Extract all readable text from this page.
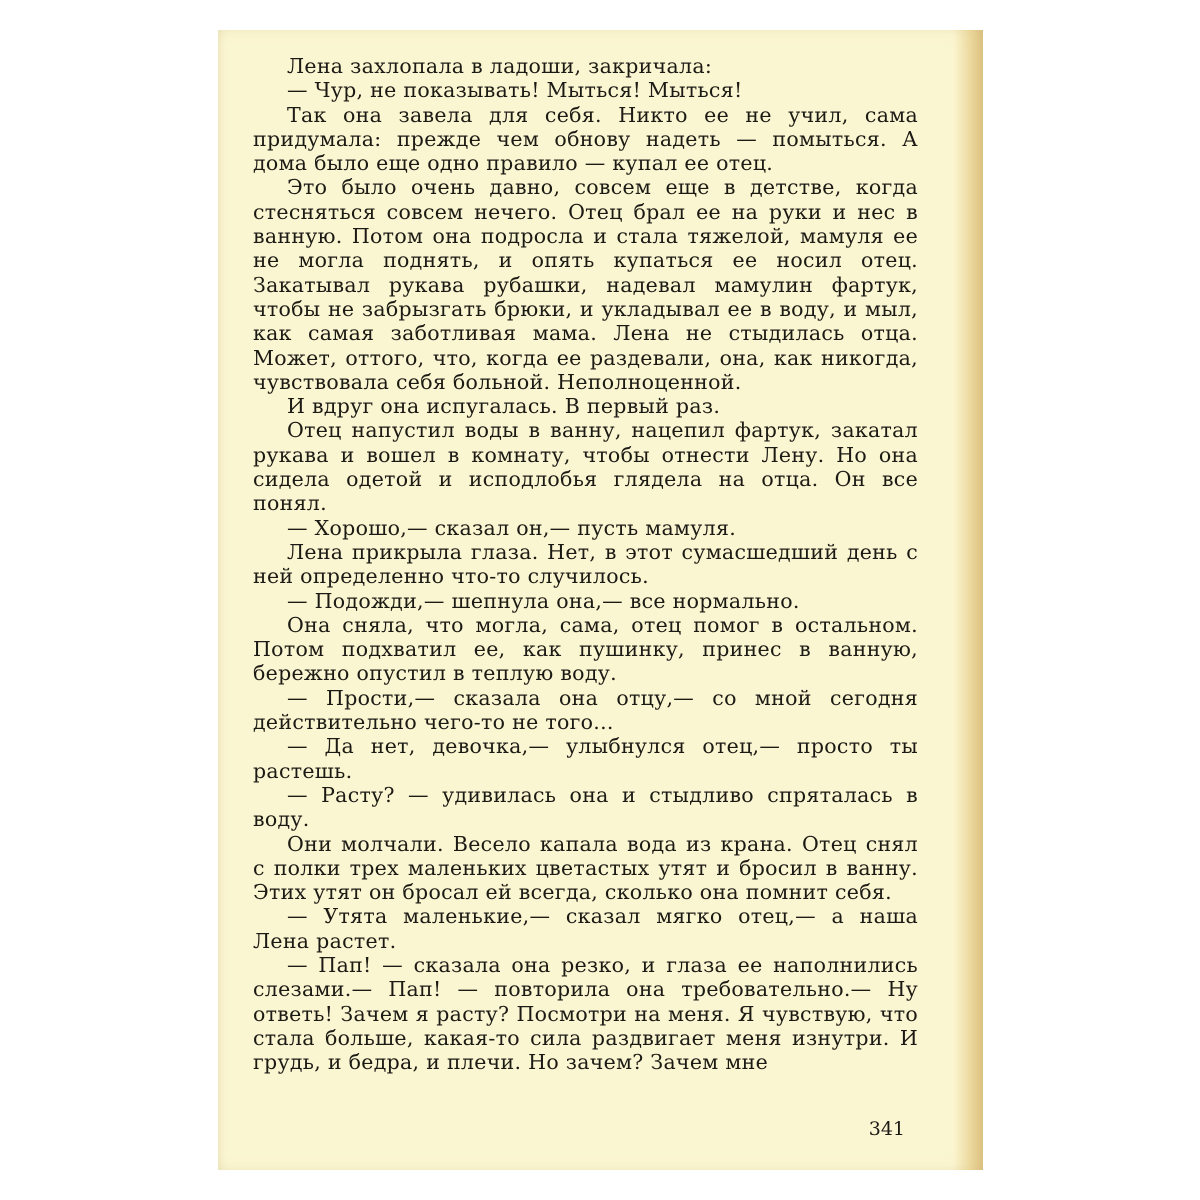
Лена захлопала в ладоши, закричала:

— Чур, не показывать! Мыться! Мыться!

Так она завела для себя. Никто ее не учил, сама придумала: прежде чем обнову надеть — помыться. А дома было еще одно правило — купал ее отец.

Это было очень давно, совсем еще в детстве, когда стесняться совсем нечего. Отец брал ее на руки и нес в ванную. Потом она подросла и стала тяжелой, мамуля ее не могла поднять, и опять купаться ее носил отец. Закатывал рукава рубашки, надевал мамулин фартук, чтобы не забрызгать брюки, и укладывал ее в воду, и мыл, как самая заботливая мама. Лена не стыдилась отца. Может, оттого, что, когда ее раздевали, она, как никогда, чувствовала себя больной. Неполноценной.

И вдруг она испугалась. В первый раз.

Отец напустил воды в ванну, нацепил фартук, закатал рукава и вошел в комнату, чтобы отнести Лену. Но она сидела одетой и исподлобья глядела на отца. Он все понял.

— Хорошо,— сказал он,— пусть мамуля.

Лена прикрыла глаза. Нет, в этот сумасшедший день с ней определенно что-то случилось.

— Подожди,— шепнула она,— все нормально.

Она сняла, что могла, сама, отец помог в остальном. Потом подхватил ее, как пушинку, принес в ванную, бережно опустил в теплую воду.

— Прости,— сказала она отцу,— со мной сегодня действительно чего-то не того...

— Да нет, девочка,— улыбнулся отец,— просто ты растешь.

— Расту? — удивилась она и стыдливо спряталась в воду.

Они молчали. Весело капала вода из крана. Отец снял с полки трех маленьких цветастых утят и бросил в ванну. Этих утят он бросал ей всегда, сколько она помнит себя.

— Утята маленькие,— сказал мягко отец,— а наша Лена растет.

— Пап! — сказала она резко, и глаза ее наполнились слезами.— Пап! — повторила она требовательно.— Ну ответь! Зачем я расту? Посмотри на меня. Я чувствую, что стала больше, какая-то сила раздвигает меня изнутри. И грудь, и бедра, и плечи. Но зачем? Зачем мне

341
